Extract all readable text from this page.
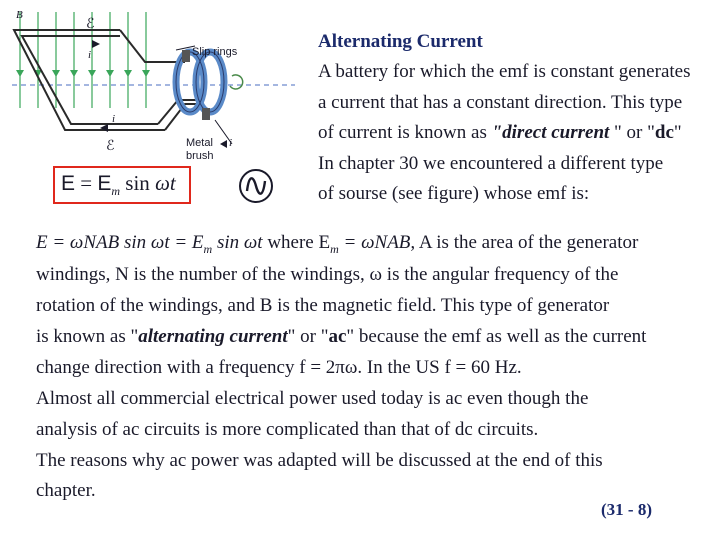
B
ℰ
i	Slip rings
Metal
brush
i
i
ℰ
$E = E_m$ sin ωt
Alternating Current
A battery for which the emf is constant generates
a current that has a constant direction. This type
of current is known as "direct current " or "dc"
In chapter 30 we encountered a different type
of sourse (see figure) whose emf is:
E = ωNAB $\sin \omega t = E_m$ sin ωt where $E_m = \omega NAB$, A is the area of the generator
windings, N is the number of the windings, ω is the angular frequency of the
rotation of the windings, and B is the magnetic field. This type of generator
is known as "alternating current" or "ac" because the emf as well as the current
change direction with a frequency f = 2πω. In the US f = 60 Hz.
Almost all commercial electrical power used today is ac even though the
analysis of ac circuits is more complicated than that of dc circuits.
The reasons why ac power was adapted will be discussed at the end of this
chapter.
(31 - 8)
